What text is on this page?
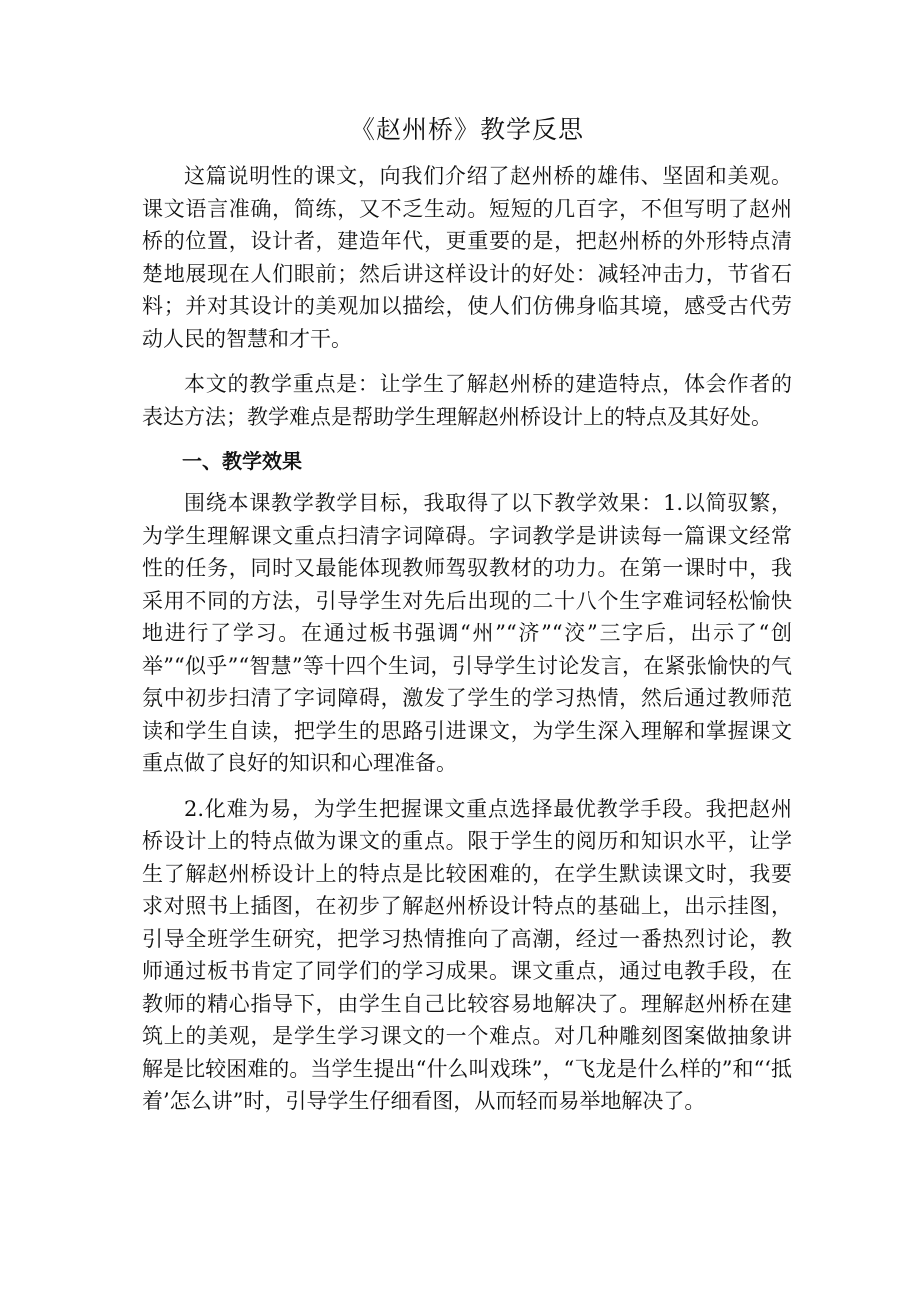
《赵州桥》教学反思

这篇说明性的课文，向我们介绍了赵州桥的雄伟、坚固和美观。课文语言准确，简练，又不乏生动。短短的几百字，不但写明了赵州桥的位置，设计者，建造年代，更重要的是，把赵州桥的外形特点清楚地展现在人们眼前；然后讲这样设计的好处：减轻冲击力，节省石料；并对其设计的美观加以描绘，使人们仿佛身临其境，感受古代劳动人民的智慧和才干。

本文的教学重点是：让学生了解赵州桥的建造特点，体会作者的表达方法；教学难点是帮助学生理解赵州桥设计上的特点及其好处。

一、教学效果

围绕本课教学教学目标，我取得了以下教学效果：1.以简驭繁，为学生理解课文重点扫清字词障碍。字词教学是讲读每一篇课文经常性的任务，同时又最能体现教师驾驭教材的功力。在第一课时中，我采用不同的方法，引导学生对先后出现的二十八个生字难词轻松愉快地进行了学习。在通过板书强调“州”“济”“洨”三字后，出示了“创举”“似乎”“智慧”等十四个生词，引导学生讨论发言，在紧张愉快的气氛中初步扫清了字词障碍，激发了学生的学习热情，然后通过教师范读和学生自读，把学生的思路引进课文，为学生深入理解和掌握课文重点做了良好的知识和心理准备。

2.化难为易，为学生把握课文重点选择最优教学手段。我把赵州桥设计上的特点做为课文的重点。限于学生的阅历和知识水平，让学生了解赵州桥设计上的特点是比较困难的，在学生默读课文时，我要求对照书上插图，在初步了解赵州桥设计特点的基础上，出示挂图，引导全班学生研究，把学习热情推向了高潮，经过一番热烈讨论，教师通过板书肯定了同学们的学习成果。课文重点，通过电教手段，在教师的精心指导下，由学生自己比较容易地解决了。理解赵州桥在建筑上的美观，是学生学习课文的一个难点。对几种雕刻图案做抽象讲解是比较困难的。当学生提出“什么叫戏珠”，“飞龙是什么样的”和“‘抵着’怎么讲”时，引导学生仔细看图，从而轻而易举地解决了。
